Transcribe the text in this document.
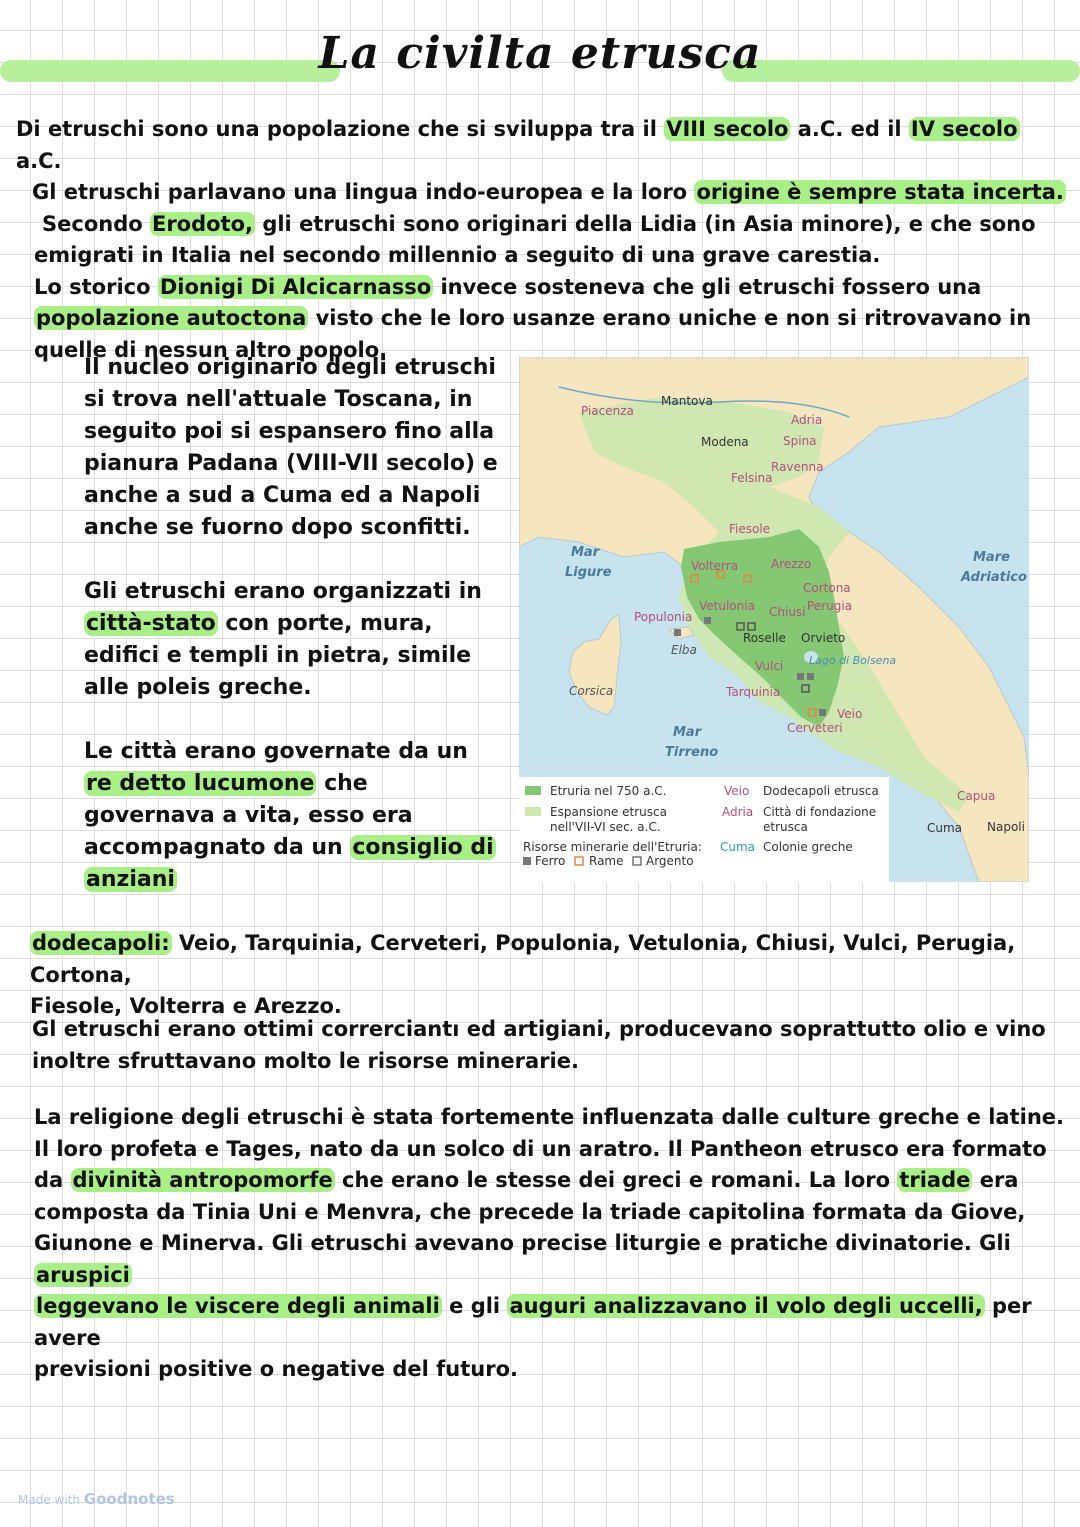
La civilta etrusca
Di etruschi sono una popolazione che si sviluppa tra il VIII secolo a.C. ed il IV secolo a.C.
Gl etruschi parlavano una lingua indo-europea e la loro origine è sempre stata incerta.
Secondo Erodoto, gli etruschi sono originari della Lidia (in Asia minore), e che sono
emigrati in Italia nel secondo millennio a seguito di una grave carestia.
Lo storico Dionigi Di Alcicarnasso invece sosteneva che gli etruschi fossero una
popolazione autoctona visto che le loro usanze erano uniche e non si ritrovavano in
quelle di nessun altro popolo.
Il nucleo originario degli etruschi
si trova nell'attuale Toscana, in
seguito poi si espansero fino alla
pianura Padana (VIII-VII secolo) e
anche a sud a Cuma ed a Napoli
anche se fuorno dopo sconfitti.
Gli etruschi erano organizzati in
città-stato con porte, mura,
edifici e templi in pietra, simile
alle poleis greche.
Le città erano governate da un
re detto lucumone che
governava a vita, esso era
accompagnato da un consiglio di
anziani
Piacenza
Mantova
Adria
Modena	Spina
Ravenna
Felsina
Fiesole
Volterra	Arezzo
Cortona
Perugia
Populonia
Vetulonia Chiusi
Elba
Roselle Orvieto
Lago di Bolsena
Vulci
Corsica	Tarquinia
Veio
Cerveteri
Capua
Cuma Napoli
Mar
Ligure
Mare
Adriatico
Mar
Tirreno
Etruria nel 750 a.C.
Espansione etrusca
nell'VII-VI sec. a.C.
Risorse minerarie dell'Etruria:
Ferro Rame Argento
Veio Dodecapoli etrusca
Adria Città di fondazione
etrusca
Cuma Colonie greche
dodecapoli: Veio, Tarquinia, Cerveteri, Populonia, Vetulonia, Chiusi, Vulci, Perugia, Cortona,
Fiesole, Volterra e Arezzo.
Gl etruschi erano ottimi correrciantı ed artigiani, producevano soprattutto olio e vino
inoltre sfruttavano molto le risorse minerarie.
La religione degli etruschi è stata fortemente influenzata dalle culture greche e latine.
Il loro profeta e Tages, nato da un solco di un aratro. Il Pantheon etrusco era formato
da divinità antropomorfe che erano le stesse dei greci e romani. La loro triade era
composta da Tinia Uni e Menvra, che precede la triade capitolina formata da Giove,
Giunone e Minerva. Gli etruschi avevano precise liturgie e pratiche divinatorie. Gli aruspici
leggevano le viscere degli animali e gli auguri analizzavano il volo degli uccelli, per avere
previsioni positive o negative del futuro.
Made with Goodnotes
